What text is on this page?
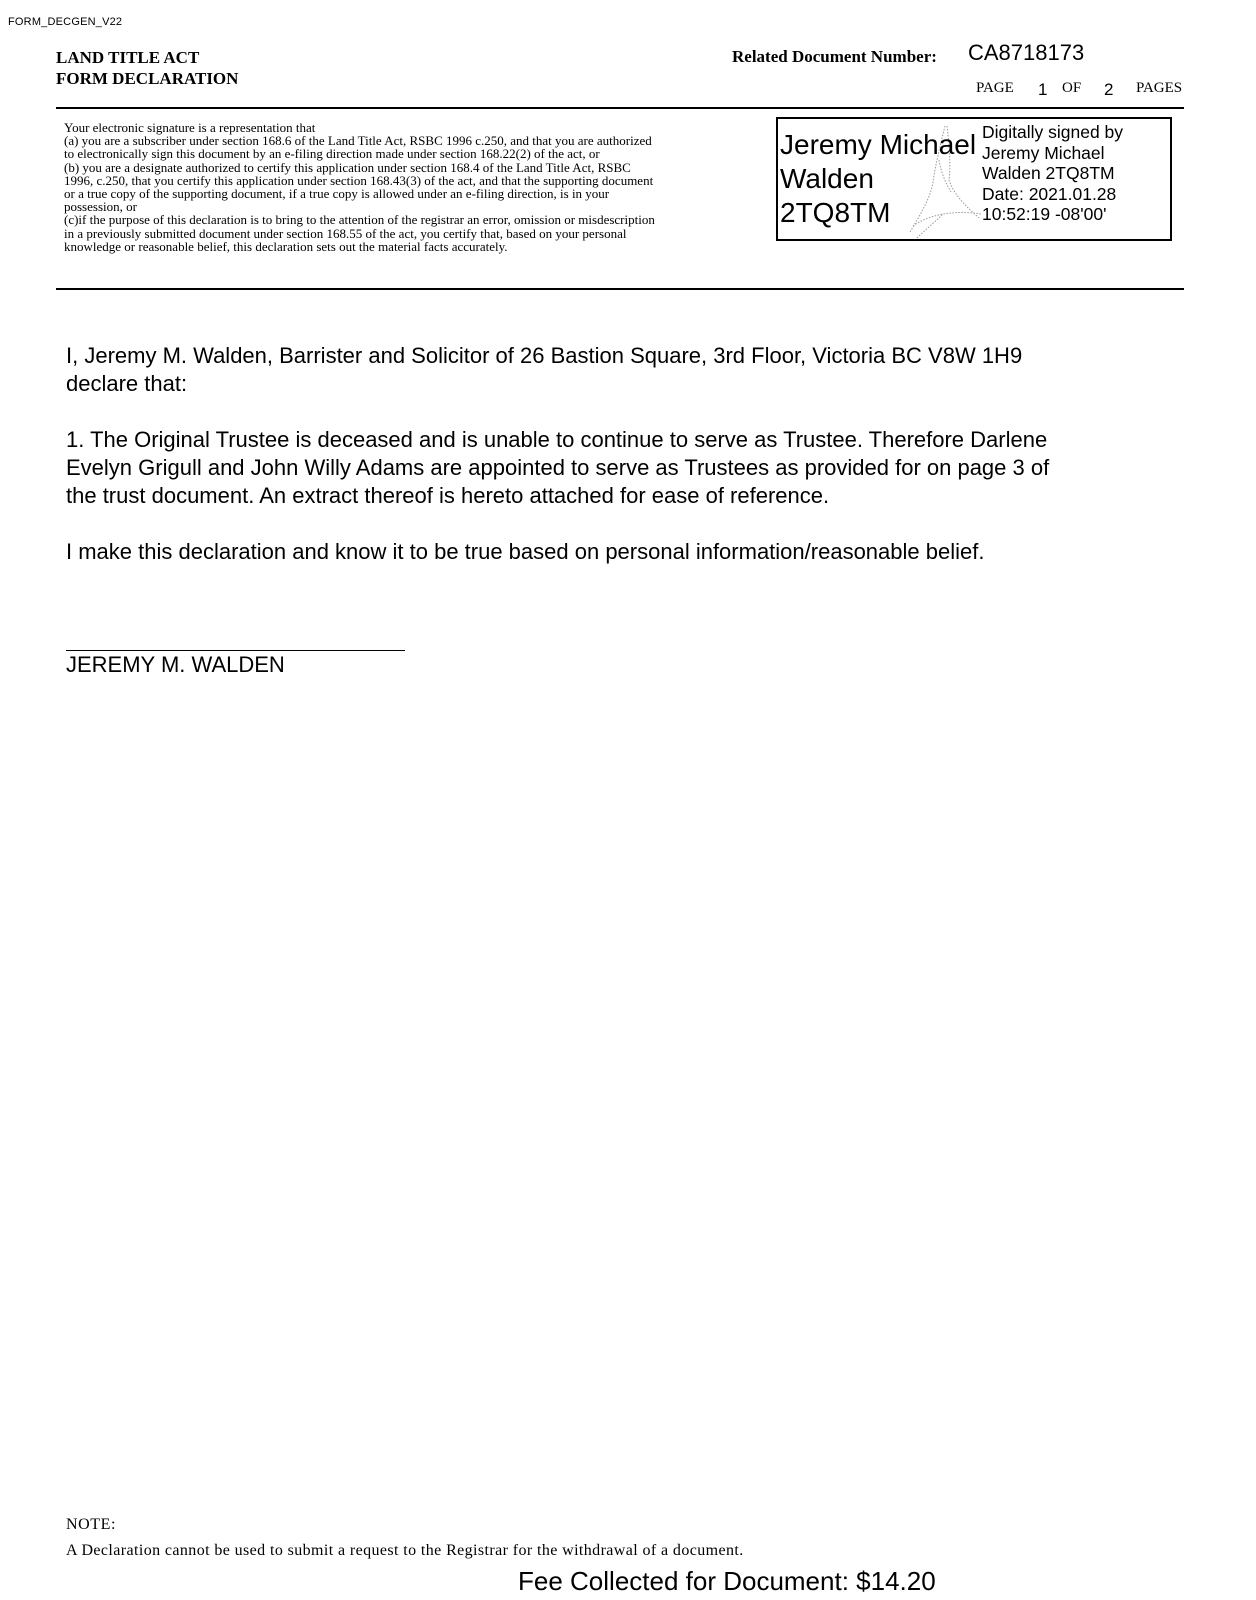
FORM_DECGEN_V22
LAND TITLE ACT
FORM DECLARATION
Related Document Number: CA8718173
PAGE 1 OF 2 PAGES
Your electronic signature is a representation that
(a) you are a subscriber under section 168.6 of the Land Title Act, RSBC 1996 c.250, and that you are authorized
to electronically sign this document by an e-filing direction made under section 168.22(2) of the act, or
(b) you are a designate authorized to certify this application under section 168.4 of the Land Title Act, RSBC
1996, c.250, that you certify this application under section 168.43(3) of the act, and that the supporting document
or a true copy of the supporting document, if a true copy is allowed under an e-filing direction, is in your
possession, or
(c)if the purpose of this declaration is to bring to the attention of the registrar an error, omission or misdescription
in a previously submitted document under section 168.55 of the act, you certify that, based on your personal
knowledge or reasonable belief, this declaration sets out the material facts accurately.
Jeremy Michael
Walden
2TQ8TM
Digitally signed by
Jeremy Michael
Walden 2TQ8TM
Date: 2021.01.28
10:52:19 -08'00'
I, Jeremy M. Walden, Barrister and Solicitor of 26 Bastion Square, 3rd Floor, Victoria BC V8W 1H9
declare that:
1. The Original Trustee is deceased and is unable to continue to serve as Trustee. Therefore Darlene
Evelyn Grigull and John Willy Adams are appointed to serve as Trustees as provided for on page 3 of
the trust document. An extract thereof is hereto attached for ease of reference.
I make this declaration and know it to be true based on personal information/reasonable belief.
JEREMY M. WALDEN
NOTE:
A Declaration cannot be used to submit a request to the Registrar for the withdrawal of a document.
Fee Collected for Document: $14.20
